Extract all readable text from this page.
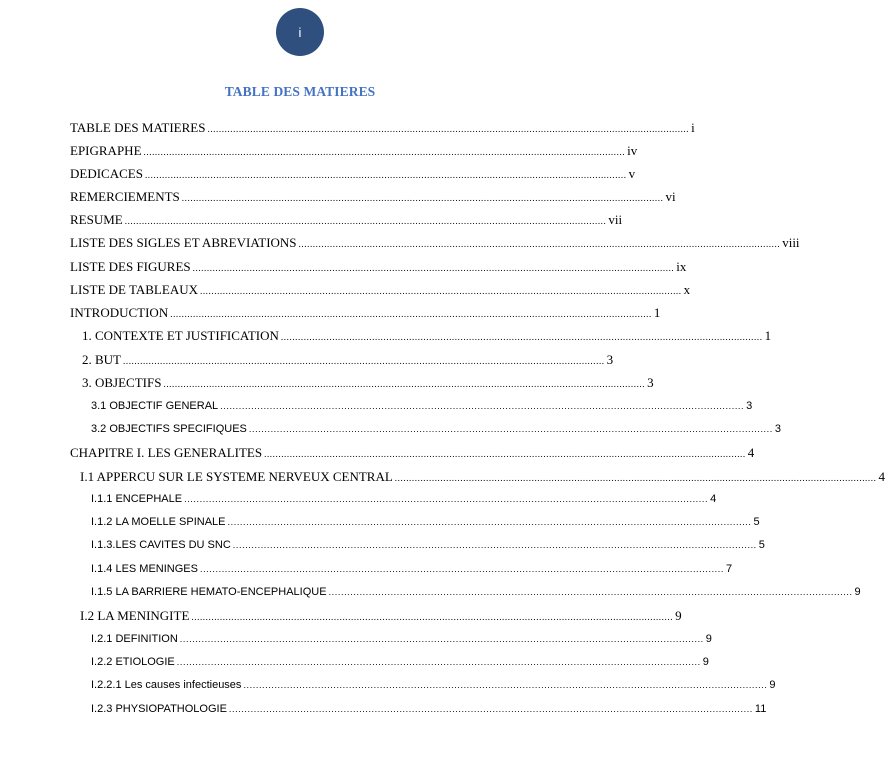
i
TABLE DES MATIERES
TABLE DES MATIERES ......................................................................................................................................................................... i
EPIGRAPHE ......................................................................................................................................................................... iv
DEDICACES ......................................................................................................................................................................... v
REMERCIEMENTS ......................................................................................................................................................................... vi
RESUME ......................................................................................................................................................................... vii
LISTE DES SIGLES ET ABREVIATIONS ......................................................................................................................................................................... viii
LISTE DES FIGURES ......................................................................................................................................................................... ix
LISTE DE TABLEAUX ......................................................................................................................................................................... x
INTRODUCTION ......................................................................................................................................................................... 1
1. CONTEXTE ET JUSTIFICATION ......................................................................................................................................................................... 1
2. BUT ......................................................................................................................................................................... 3
3. OBJECTIFS ......................................................................................................................................................................... 3
3.1 OBJECTIF GENERAL ......................................................................................................................................................................... 3
3.2 OBJECTIFS SPECIFIQUES ......................................................................................................................................................................... 3
CHAPITRE I. LES GENERALITES ......................................................................................................................................................................... 4
I.1 APPERCU SUR LE SYSTEME NERVEUX CENTRAL ......................................................................................................................................................................... 4
I.1.1 ENCEPHALE ......................................................................................................................................................................... 4
I.1.2 LA MOELLE SPINALE ......................................................................................................................................................................... 5
I.1.3.LES CAVITES DU SNC ......................................................................................................................................................................... 5
I.1.4 LES MENINGES ......................................................................................................................................................................... 7
I.1.5 LA BARRIERE HEMATO-ENCEPHALIQUE ......................................................................................................................................................................... 9
I.2 LA MENINGITE ......................................................................................................................................................................... 9
I.2.1 DEFINITION ......................................................................................................................................................................... 9
I.2.2 ETIOLOGIE ......................................................................................................................................................................... 9
I.2.2.1 Les causes infectieuses ......................................................................................................................................................................... 9
I.2.3 PHYSIOPATHOLOGIE ......................................................................................................................................................................... 11
